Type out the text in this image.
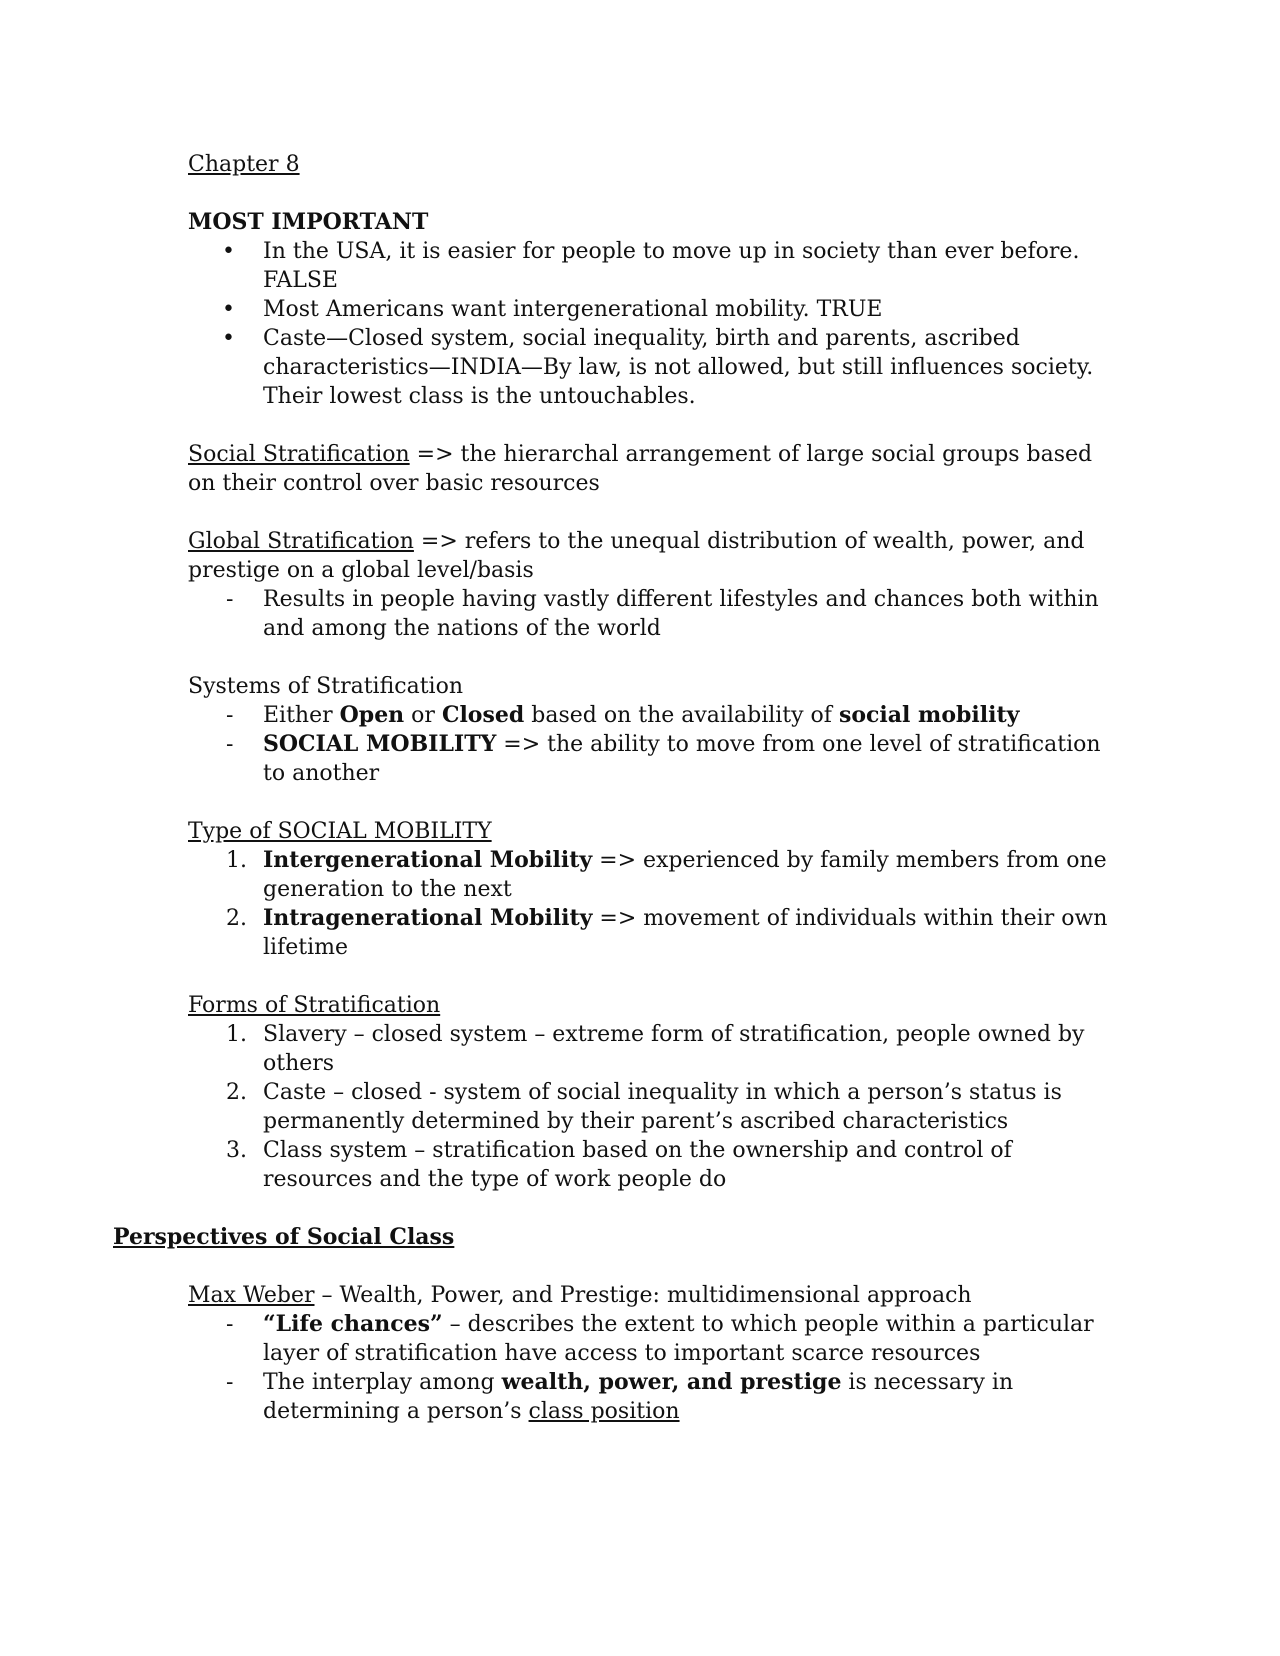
Chapter 8

MOST IMPORTANT

• In the USA, it is easier for people to move up in society than ever before. FALSE
• Most Americans want intergenerational mobility. TRUE
• Caste—Closed system, social inequality, birth and parents, ascribed characteristics—INDIA—By law, is not allowed, but still influences society. Their lowest class is the untouchables.

Social Stratification => the hierarchal arrangement of large social groups based on their control over basic resources

Global Stratification => refers to the unequal distribution of wealth, power, and prestige on a global level/basis

- Results in people having vastly different lifestyles and chances both within and among the nations of the world

Systems of Stratification

- Either Open or Closed based on the availability of social mobility
- SOCIAL MOBILITY => the ability to move from one level of stratification to another

Type of SOCIAL MOBILITY

1. Intergenerational Mobility => experienced by family members from one generation to the next
2. Intragenerational Mobility => movement of individuals within their own lifetime

Forms of Stratification

1. Slavery – closed system – extreme form of stratification, people owned by others
2. Caste – closed - system of social inequality in which a person’s status is permanently determined by their parent’s ascribed characteristics
3. Class system – stratification based on the ownership and control of resources and the type of work people do

Perspectives of Social Class

Max Weber – Wealth, Power, and Prestige: multidimensional approach

- “Life chances” – describes the extent to which people within a particular layer of stratification have access to important scarce resources
- The interplay among wealth, power, and prestige is necessary in determining a person’s class position
